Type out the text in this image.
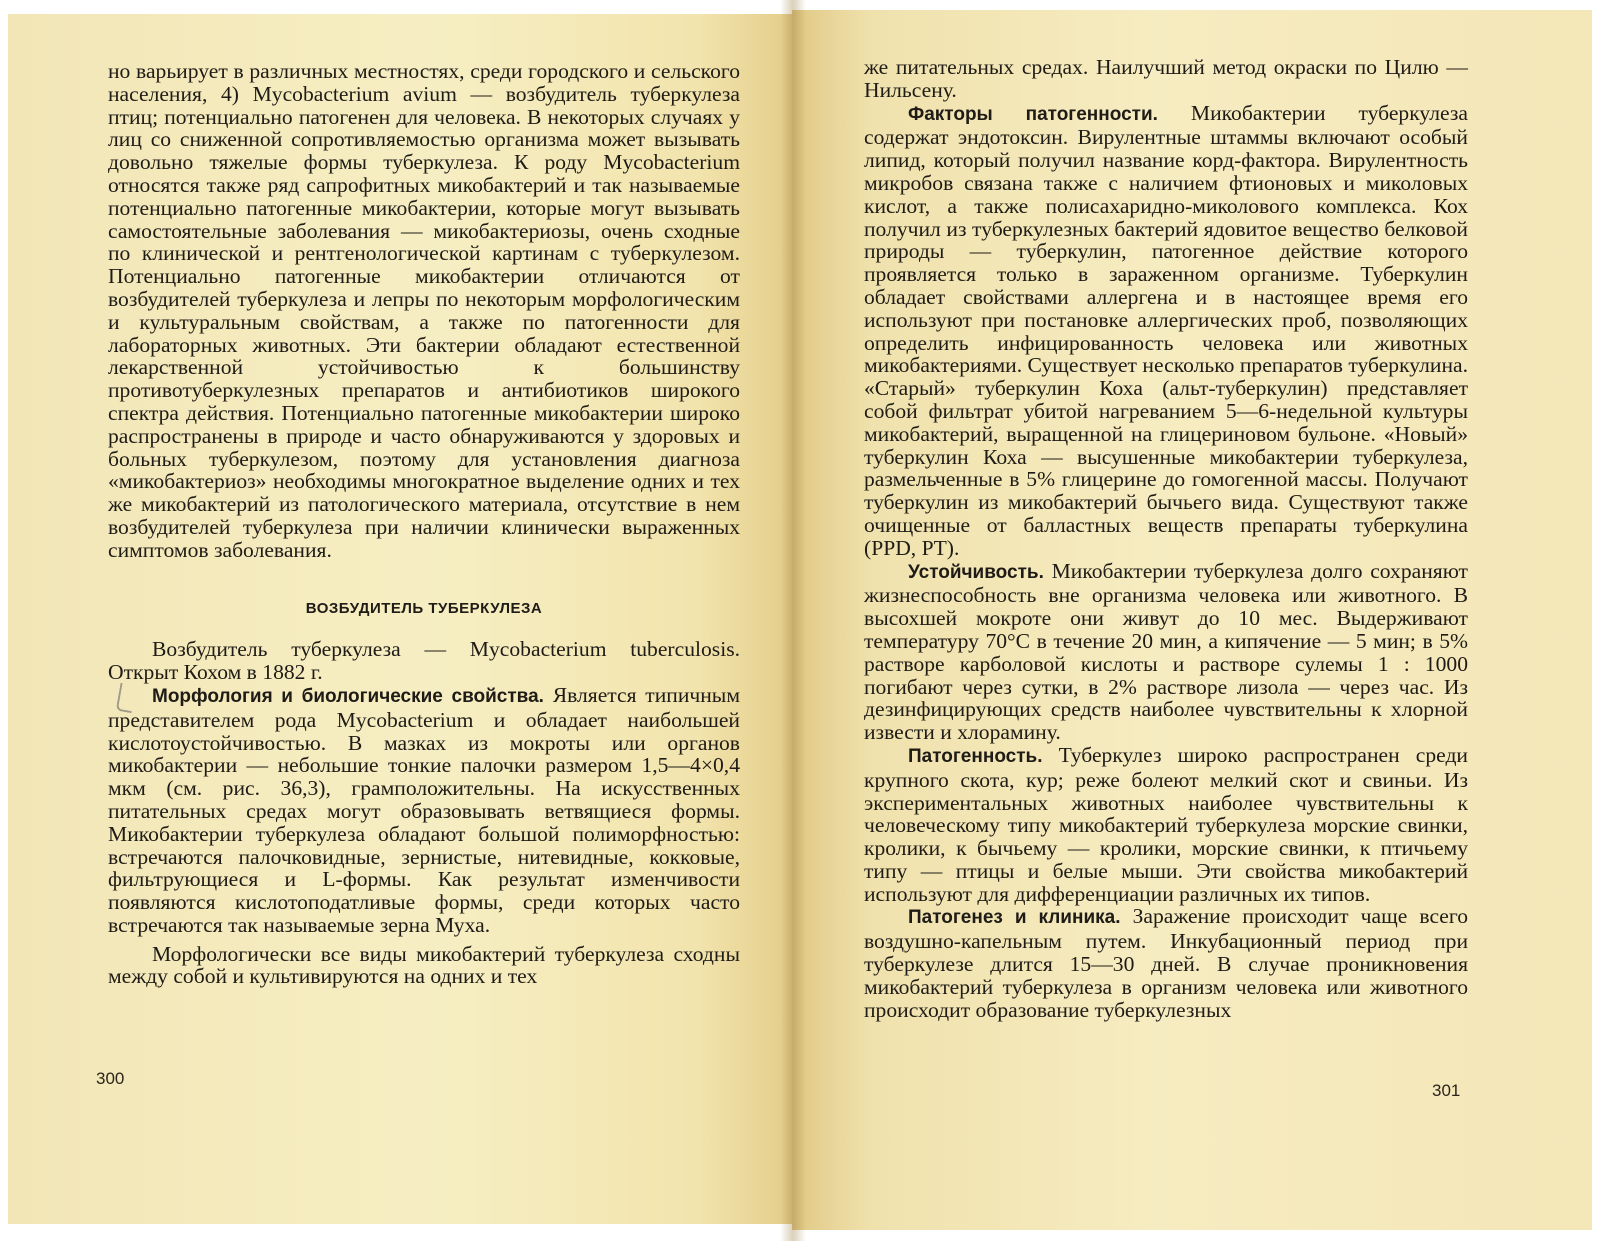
но варьирует в различных местностях, среди городского и сельского населения, 4) Mycobacterium avium — возбудитель туберкулеза птиц; потенциально патогенен для человека. В некоторых случаях у лиц со сниженной сопротивляемостью организма может вызывать довольно тяжелые формы туберкулеза. К роду Mycobacterium относятся также ряд сапрофитных микобактерий и так называемые потенциально патогенные микобактерии, которые могут вызывать самостоятельные заболевания — микобактериозы, очень сходные по клинической и рентгенологической картинам с туберкулезом. Потенциально патогенные микобактерии отличаются от возбудителей туберкулеза и лепры по некоторым морфологическим и культуральным свойствам, а также по патогенности для лабораторных животных. Эти бактерии обладают естественной лекарственной устойчивостью к большинству противотуберкулезных препаратов и антибиотиков широкого спектра действия. Потенциально патогенные микобактерии широко распространены в природе и часто обнаруживаются у здоровых и больных туберкулезом, поэтому для установления диагноза «микобактериоз» необходимы многократное выделение одних и тех же микобактерий из патологического материала, отсутствие в нем возбудителей туберкулеза при наличии клинически выраженных симптомов заболевания.

ВОЗБУДИТЕЛЬ ТУБЕРКУЛЕЗА

Возбудитель туберкулеза — Mycobacterium tuberculosis. Открыт Кохом в 1882 г.

Морфология и биологические свойства. Является типичным представителем рода Mycobacterium и обладает наибольшей кислотоустойчивостью. В мазках из мокроты или органов микобактерии — небольшие тонкие палочки размером 1,5—4×0,4 мкм (см. рис. 36,3), грамположительны. На искусственных питательных средах могут образовывать ветвящиеся формы. Микобактерии туберкулеза обладают большой полиморфностью: встречаются палочковидные, зернистые, нитевидные, кокковые, фильтрующиеся и L-формы. Как результат изменчивости появляются кислотоподатливые формы, среди которых часто встречаются так называемые зерна Муха.

Морфологически все виды микобактерий туберкулеза сходны между собой и культивируются на одних и тех

300

же питательных средах. Наилучший метод окраски по Цилю — Нильсену.

Факторы патогенности. Микобактерии туберкулеза содержат эндотоксин. Вирулентные штаммы включают особый липид, который получил название корд-фактора. Вирулентность микробов связана также с наличием фтионовых и миколовых кислот, а также полисахаридно-миколового комплекса. Кох получил из туберкулезных бактерий ядовитое вещество белковой природы — туберкулин, патогенное действие которого проявляется только в зараженном организме. Туберкулин обладает свойствами аллергена и в настоящее время его используют при постановке аллергических проб, позволяющих определить инфицированность человека или животных микобактериями. Существует несколько препаратов туберкулина. «Старый» туберкулин Коха (альт-туберкулин) представляет собой фильтрат убитой нагреванием 5—6-недельной культуры микобактерий, выращенной на глицериновом бульоне. «Новый» туберкулин Коха — высушенные микобактерии туберкулеза, размельченные в 5% глицерине до гомогенной массы. Получают туберкулин из микобактерий бычьего вида. Существуют также очищенные от балластных веществ препараты туберкулина (PPD, PT).

Устойчивость. Микобактерии туберкулеза долго сохраняют жизнеспособность вне организма человека или животного. В высохшей мокроте они живут до 10 мес. Выдерживают температуру 70°С в течение 20 мин, а кипячение — 5 мин; в 5% растворе карболовой кислоты и растворе сулемы 1 : 1000 погибают через сутки, в 2% растворе лизола — через час. Из дезинфицирующих средств наиболее чувствительны к хлорной извести и хлорамину.

Патогенность. Туберкулез широко распространен среди крупного скота, кур; реже болеют мелкий скот и свиньи. Из экспериментальных животных наиболее чувствительны к человеческому типу микобактерий туберкулеза морские свинки, кролики, к бычьему — кролики, морские свинки, к птичьему типу — птицы и белые мыши. Эти свойства микобактерий используют для дифференциации различных их типов.

Патогенез и клиника. Заражение происходит чаще всего воздушно-капельным путем. Инкубационный период при туберкулезе длится 15—30 дней. В случае проникновения микобактерий туберкулеза в организм человека или животного происходит образование туберкулезных

301
